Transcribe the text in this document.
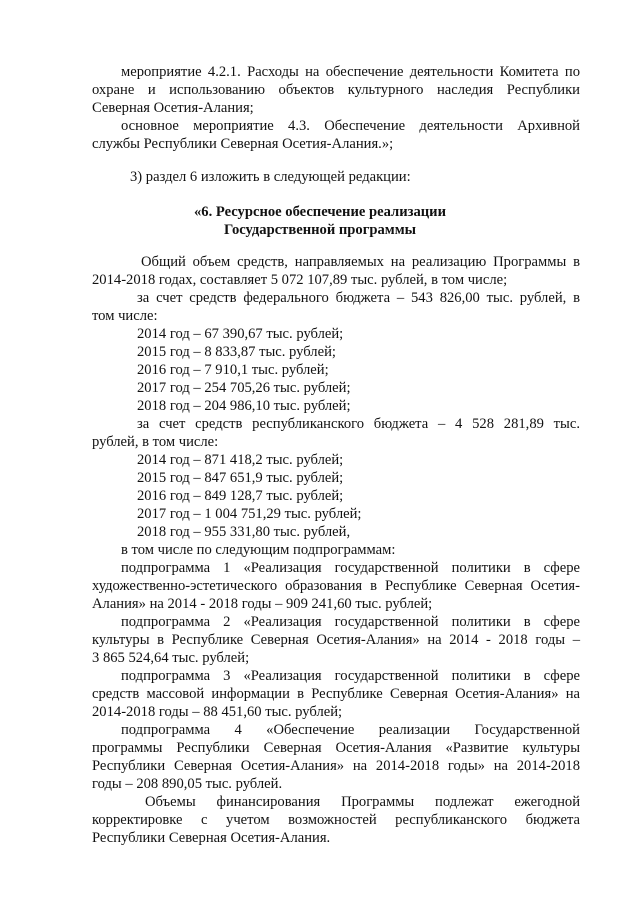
мероприятие 4.2.1. Расходы на обеспечение деятельности Комитета по
охране и использованию объектов культурного наследия Республики
Северная Осетия-Алания;
основное мероприятие 4.3. Обеспечение деятельности Архивной
службы Республики Северная Осетия-Алания.»;
3) раздел 6 изложить в следующей редакции:
«6. Ресурсное обеспечение реализации
Государственной программы
Общий объем средств, направляемых на реализацию Программы в
2014-2018 годах, составляет 5 072 107,89 тыс. рублей, в том числе;
за счет средств федерального бюджета – 543 826,00 тыс. рублей, в
том числе:
2014 год – 67 390,67 тыс. рублей;
2015 год – 8 833,87 тыс. рублей;
2016 год – 7 910,1 тыс. рублей;
2017 год – 254 705,26 тыс. рублей;
2018 год – 204 986,10 тыс. рублей;
за счет средств республиканского бюджета – 4 528 281,89 тыс.
рублей, в том числе:
2014 год – 871 418,2 тыс. рублей;
2015 год – 847 651,9 тыс. рублей;
2016 год – 849 128,7 тыс. рублей;
2017 год – 1 004 751,29 тыс. рублей;
2018 год – 955 331,80 тыс. рублей,
в том числе по следующим подпрограммам:
подпрограмма 1 «Реализация государственной политики в сфере
художественно-эстетического образования в Республике Северная Осетия-
Алания» на 2014 - 2018 годы – 909 241,60 тыс. рублей;
подпрограмма 2 «Реализация государственной политики в сфере
культуры в Республике Северная Осетия-Алания» на 2014 - 2018 годы –
3 865 524,64 тыс. рублей;
подпрограмма 3 «Реализация государственной политики в сфере
средств массовой информации в Республике Северная Осетия-Алания» на
2014-2018 годы – 88 451,60 тыс. рублей;
подпрограмма 4 «Обеспечение реализации Государственной
программы Республики Северная Осетия-Алания «Развитие культуры
Республики Северная Осетия-Алания» на 2014-2018 годы» на 2014-2018
годы – 208 890,05 тыс. рублей.
Объемы финансирования Программы подлежат ежегодной
корректировке с учетом возможностей республиканского бюджета
Республики Северная Осетия-Алания.
